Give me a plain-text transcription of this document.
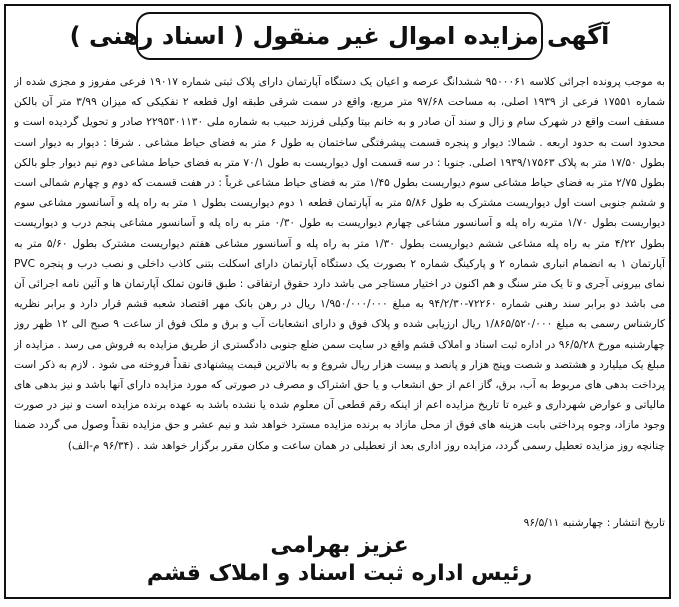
آگهی مزایده اموال غیر منقول ( اسناد رهنی )

به موجب پرونده اجرائی کلاسه ۹۵۰۰۰۶۱ ششدانگ عرصه و اعیان یک دستگاه آپارتمان دارای پلاک ثبتی شماره ۱۹۰۱۷ فرعی مفروز و مجزی شده از شماره ۱۷۵۵۱ فرعی از ۱۹۳۹ اصلی، به مساحت ۹۷/۶۸ متر مربع، واقع در سمت شرقی طبقه اول قطعه ۲ تفکیکی که میزان ۳/۹۹ متر آن بالکن مسقف است واقع در شهرک سام و زال و سند آن صادر و به خانم بیتا وکیلی فرزند حبیب به شماره ملی ۲۲۹۵۳۰۱۱۳۰ صادر و تحویل گردیده است و محدود است به حدود اربعه . شمالا: دیوار و پنجره قسمت پیشرفتگی ساختمان به طول ۶ متر به فضای حیاط مشاعی . شرقا : دیوار به دیوار است بطول ۱۷/۵۰ متر به پلاک ۱۹۳۹/۱۷۵۶۳ اصلی. جنوبا : در سه قسمت اول دیواریست به طول ۷۰/۱ متر به فضای حیاط مشاعی دوم نیم دیوار جلو بالکن بطول ۲/۷۵ متر به فضای حیاط مشاعی سوم دیواریست بطول ۱/۴۵ متر به فضای حیاط مشاعی غرباً : در هفت قسمت که دوم و چهارم شمالی است و ششم جنوبی است اول دیواریست مشترک به طول ۵/۸۶ متر به آپارتمان قطعه ۱ دوم دیواریست بطول ۱ متر به راه پله و آسانسور مشاعی سوم دیواریست بطول ۱/۷۰ متربه راه پله و آسانسور مشاعی چهارم دیواریست به طول ۰/۳۰ متر به راه پله و آسانسور مشاعی پنجم درب و دیواریست بطول ۴/۲۲ متر به راه پله مشاعی ششم دیواریست بطول ۱/۳۰ متر به راه پله و آسانسور مشاعی هفتم دیواریست مشترک بطول ۵/۶۰ متر به آپارتمان ۱ به انضمام انباری شماره ۲ و پارکینگ شماره ۲ بصورت یک دستگاه آپارتمان دارای اسکلت بتنی کاذب داخلی و نصب درب و پنجره PVC نمای بیرونی آجری و تا یک متر سنگ و هم اکنون در اختیار مستاجر می باشد دارد حقوق ارتفاقی : طبق قانون تملک آپارتمان ها و آئین نامه اجرائی آن می باشد دو برابر سند رهنی شماره ۷۲۲۶۰-۹۴/۲/۳۰ به مبلغ ۱/۹۵۰/۰۰۰/۰۰۰ ریال در رهن بانک مهر اقتصاد شعبه قشم قرار دارد و برابر نظریه کارشناس رسمی به مبلغ ۱/۸۶۵/۵۲۰/۰۰۰ ریال ارزیابی شده و پلاک فوق و دارای انشعابات آب و برق و ملک فوق از ساعت ۹ صبح الی ۱۲ ظهر روز چهارشنبه مورخ ۹۶/۵/۲۸ در اداره ثبت اسناد و املاک قشم واقع در سایت سمن ضلع جنوبی دادگستری از طریق مزایده به فروش می رسد . مزایده از مبلغ یک میلیارد و هشتصد و شصت وپنج هزار و پانصد و بیست هزار ریال شروع و به بالاترین قیمت پیشنهادی نقداً فروخته می شود . لازم به ذکر است پرداخت بدهی های مربوط به آب، برق، گاز اعم از حق انشعاب و یا حق اشتراک و مصرف در صورتی که مورد مزایده دارای آنها باشد و نیز بدهی های مالیاتی و عوارض شهرداری و غیره تا تاریخ مزایده اعم از اینکه رقم قطعی آن معلوم شده یا نشده باشد به عهده برنده مزایده است و نیز در صورت وجود مازاد، وجوه پرداختی بابت هزینه های فوق از محل مازاد به برنده مزایده مسترد خواهد شد و نیم عشر و حق مزایده نقداً وصول می گردد ضمنا چنانچه روز مزایده تعطیل رسمی گردد، مزایده روز اداری بعد از تعطیلی در همان ساعت و مکان مقرر برگزار خواهد شد . (۹۶/۳۴ م-الف)

تاریخ انتشار : چهارشنبه ۹۶/۵/۱۱
عزیز بهرامی
رئیس اداره ثبت اسناد و املاک قشم
